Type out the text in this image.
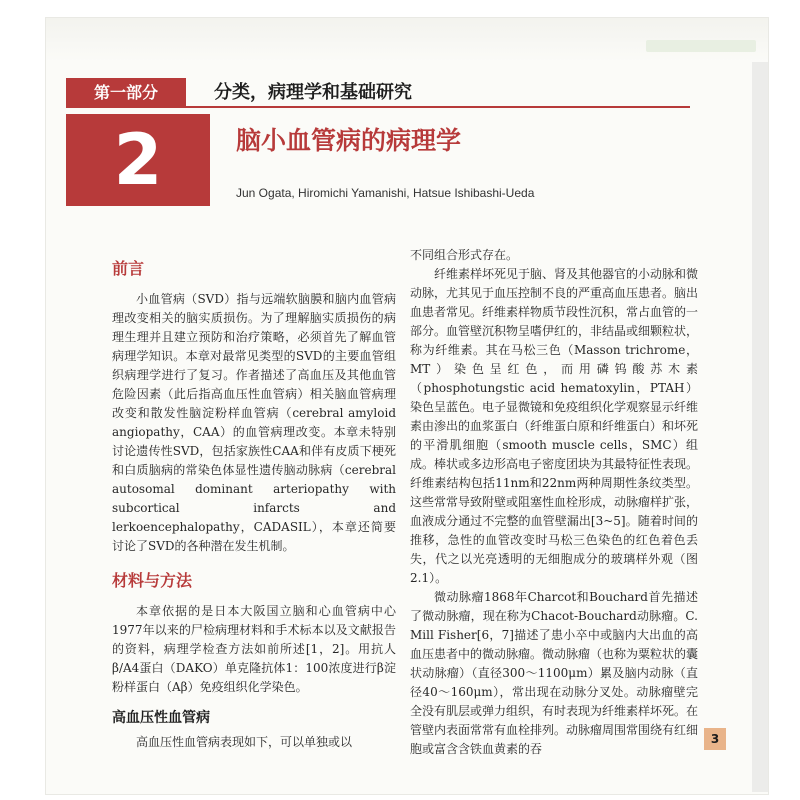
第一部分	分类，病理学和基础研究
2	脑小血管病的病理学
Jun Ogata, Hiromichi Yamanishi, Hatsue Ishibashi-Ueda
前言

小血管病（SVD）指与远端软脑膜和脑内血管病理改变相关的脑实质损伤。为了理解脑实质损伤的病理生理并且建立预防和治疗策略，必须首先了解血管病理学知识。本章对最常见类型的SVD的主要血管组织病理学进行了复习。作者描述了高血压及其他血管危险因素（此后指高血压性血管病）相关脑血管病理改变和散发性脑淀粉样血管病（cerebral amyloid angiopathy，CAA）的血管病理改变。本章未特别讨论遗传性SVD，包括家族性CAA和伴有皮质下梗死和白质脑病的常染色体显性遗传脑动脉病（cerebral autosomal dominant arteriopathy with subcortical infarcts and lerkoencephalopathy，CADASIL），本章还简要讨论了SVD的各种潜在发生机制。

材料与方法

本章依据的是日本大阪国立脑和心血管病中心1977年以来的尸检病理材料和手术标本以及文献报告的资料，病理学检查方法如前所述[1，2]。用抗人β/A4蛋白（DAKO）单克隆抗体1：100浓度进行β淀粉样蛋白（Aβ）免疫组织化学染色。

高血压性血管病

高血压性血管病表现如下，可以单独或以

不同组合形式存在。

纤维素样坏死见于脑、肾及其他器官的小动脉和微动脉，尤其见于血压控制不良的严重高血压患者。脑出血患者常见。纤维素样物质节段性沉积，常占血管的一部分。血管壁沉积物呈嗜伊红的，非结晶或细颗粒状，称为纤维素。其在马松三色（Masson trichrome，MT）染色呈红色，而用磷钨酸苏木素（phosphotungstic acid hematoxylin，PTAH）染色呈蓝色。电子显微镜和免疫组织化学观察显示纤维素由渗出的血浆蛋白（纤维蛋白原和纤维蛋白）和坏死的平滑肌细胞（smooth muscle cells，SMC）组成。棒状或多边形高电子密度团块为其最特征性表现。纤维素结构包括11nm和22nm两种周期性条纹类型。这些常常导致附壁或阻塞性血栓形成，动脉瘤样扩张，血液成分通过不完整的血管壁漏出[3~5]。随着时间的推移，急性的血管改变时马松三色染色的红色着色丢失，代之以光亮透明的无细胞成分的玻璃样外观（图2.1）。

微动脉瘤1868年Charcot和Bouchard首先描述了微动脉瘤，现在称为Chacot-Bouchard动脉瘤。C. Mill Fisher[6，7]描述了患小卒中或脑内大出血的高血压患者中的微动脉瘤。微动脉瘤（也称为粟粒状的囊状动脉瘤）（直径300～1100μm）累及脑内动脉（直径40～160μm），常出现在动脉分叉处。动脉瘤壁完全没有肌层或弹力组织，有时表现为纤维素样坏死。在管壁内表面常常有血栓排列。动脉瘤周围常围绕有红细胞或富含含铁血黄素的吞

3
